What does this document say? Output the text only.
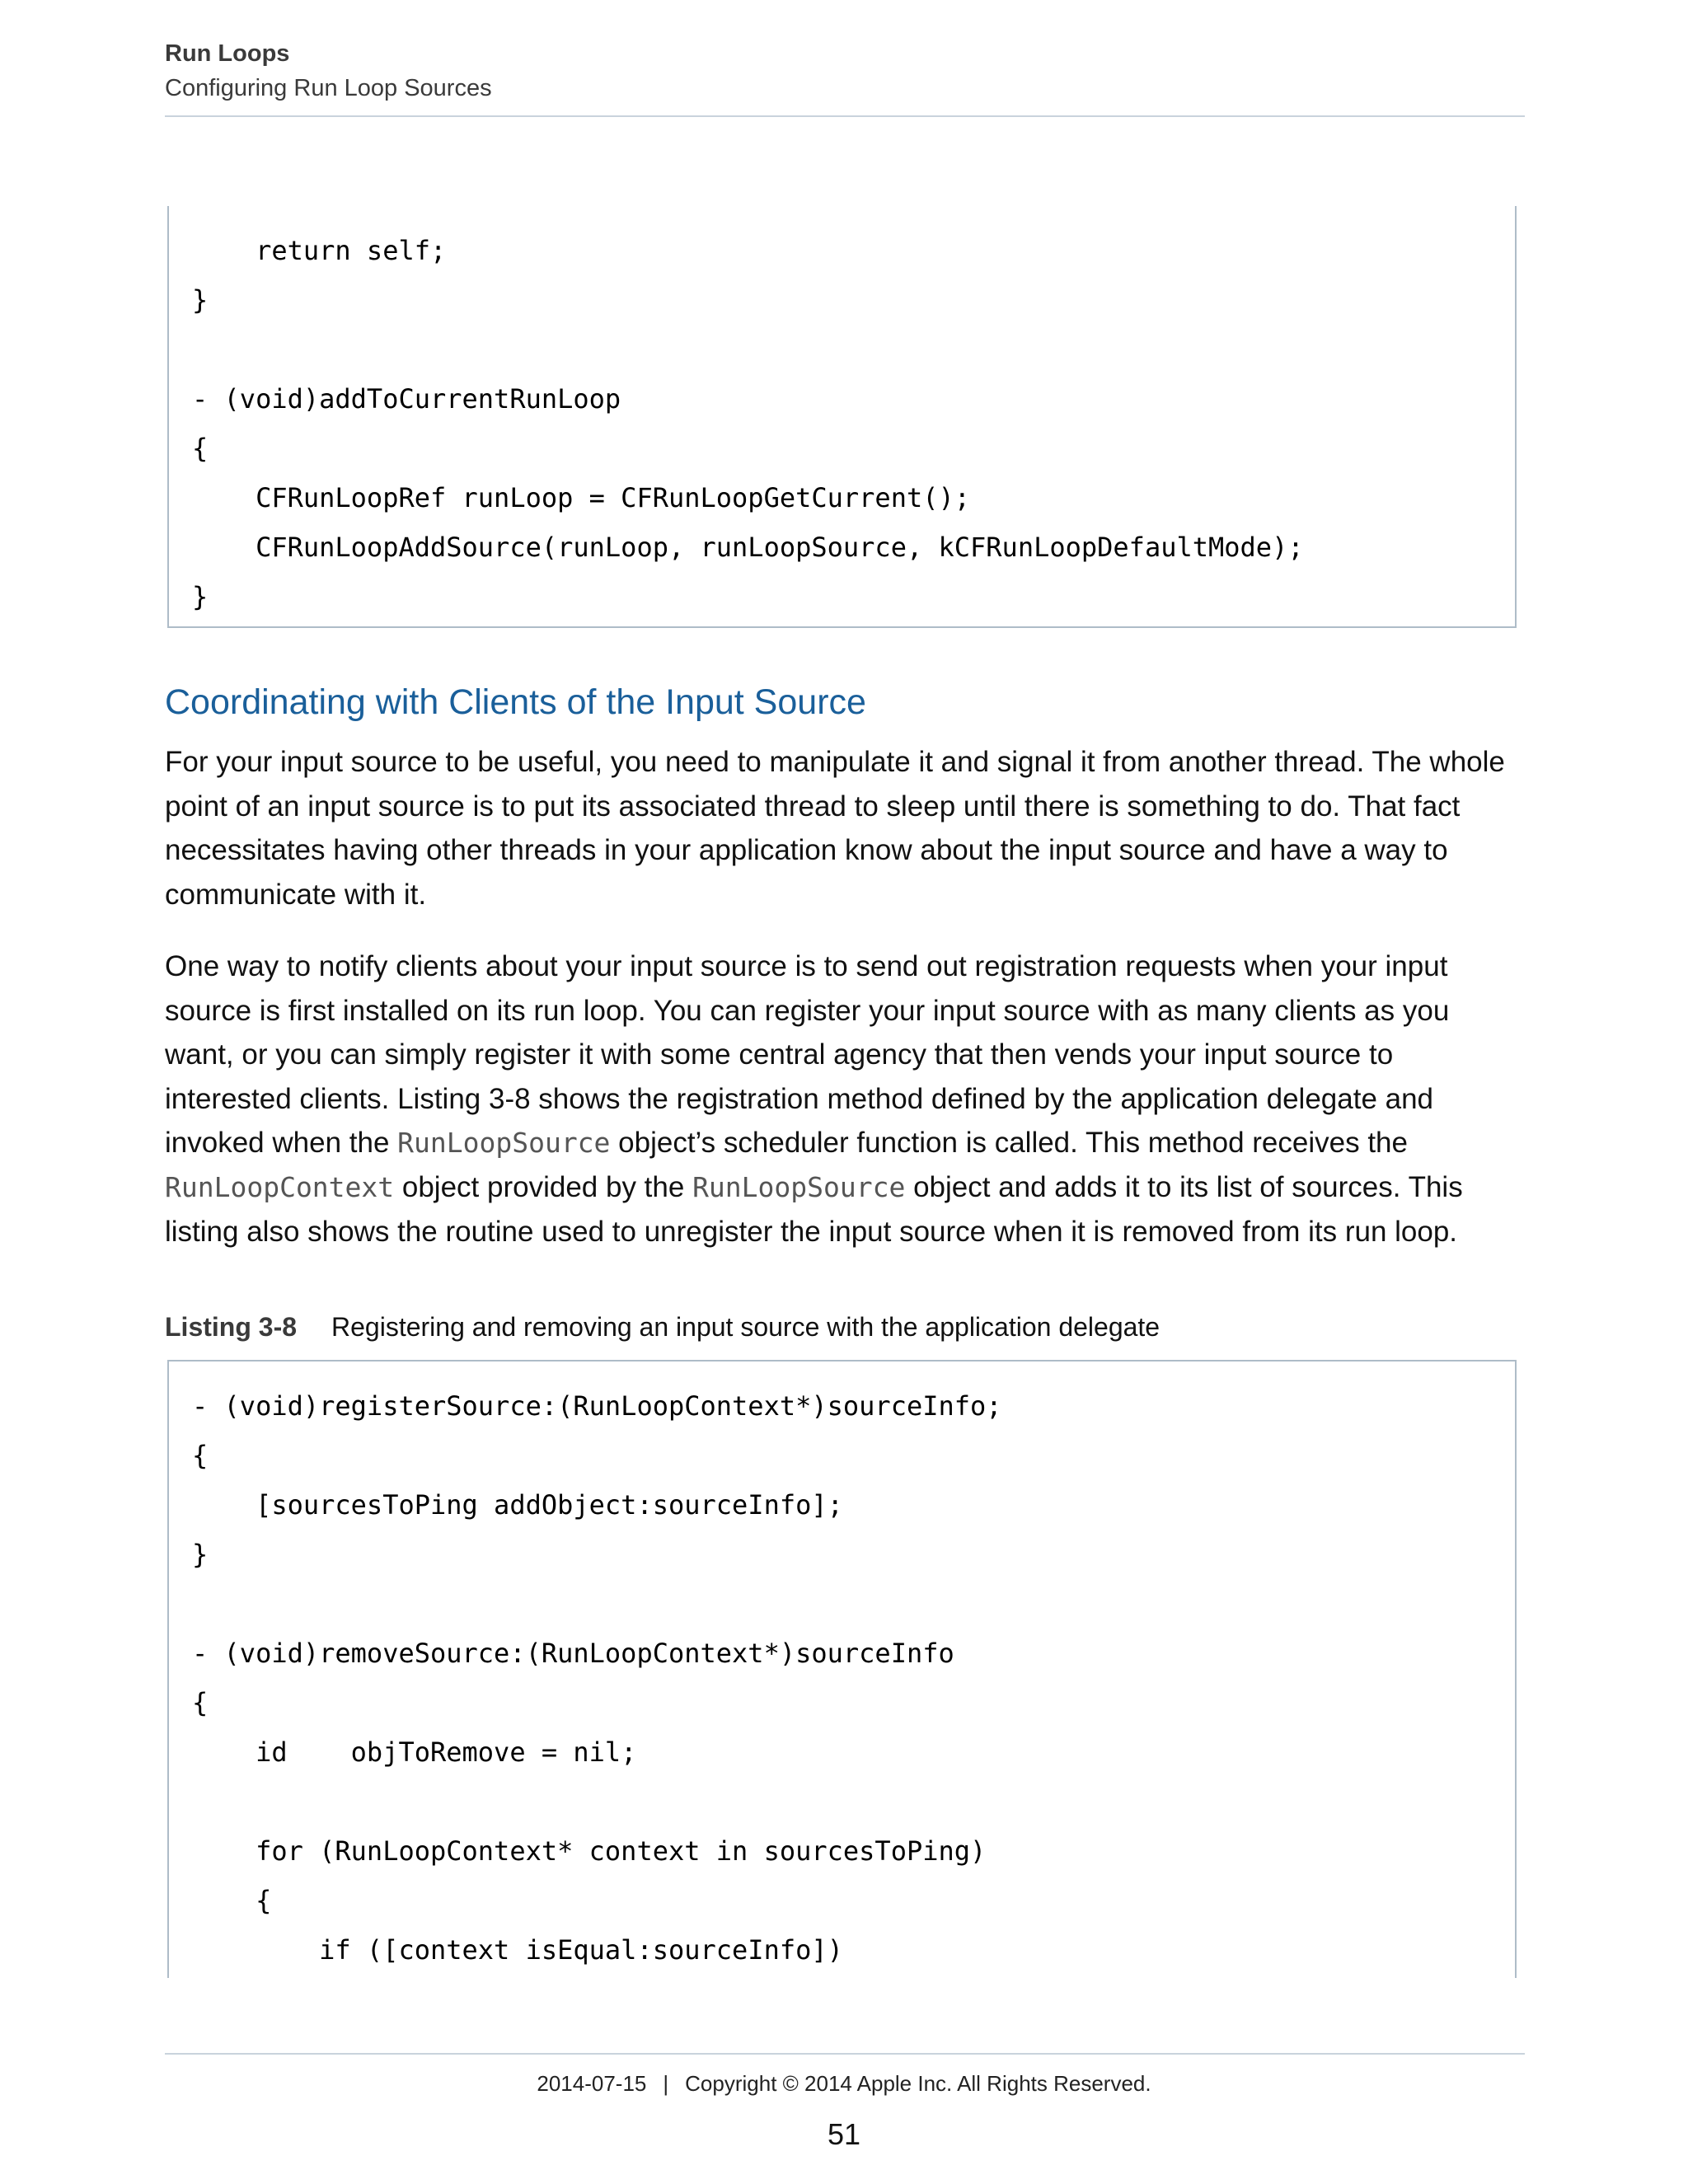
Run Loops
Configuring Run Loop Sources
return self;
}
- (void)addToCurrentRunLoop
{
CFRunLoopRef runLoop = CFRunLoopGetCurrent();
CFRunLoopAddSource(runLoop, runLoopSource, kCFRunLoopDefaultMode);
}
Coordinating with Clients of the Input Source
For your input source to be useful, you need to manipulate it and signal it from another thread. The whole point of an input source is to put its associated thread to sleep until there is something to do. That fact necessitates having other threads in your application know about the input source and have a way to communicate with it.
One way to notify clients about your input source is to send out registration requests when your input source is first installed on its run loop. You can register your input source with as many clients as you want, or you can simply register it with some central agency that then vends your input source to interested clients. Listing 3-8 shows the registration method defined by the application delegate and invoked when the RunLoopSource object’s scheduler function is called. This method receives the RunLoopContext object provided by the RunLoopSource object and adds it to its list of sources. This listing also shows the routine used to unregister the input source when it is removed from its run loop.
Listing 3-8 Registering and removing an input source with the application delegate
- (void)registerSource:(RunLoopContext*)sourceInfo;
{
[sourcesToPing addObject:sourceInfo];
}
- (void)removeSource:(RunLoopContext*)sourceInfo
{
id    objToRemove = nil;
for (RunLoopContext* context in sourcesToPing)
{
if ([context isEqual:sourceInfo])
2014-07-15 | Copyright © 2014 Apple Inc. All Rights Reserved.
51
